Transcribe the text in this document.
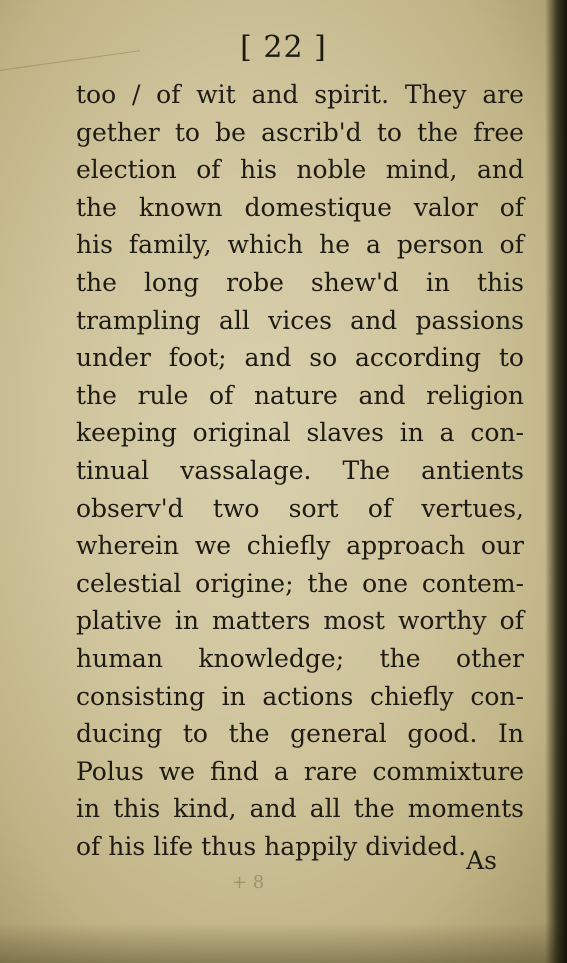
[ 22 ]
too / of wit and spirit. They are
gether to be ascrib'd to the free
election of his noble mind, and
the known domestique valor of
his family, which he a person of
the long robe shew'd in this
trampling all vices and passions
under foot; and so according to
the rule of nature and religion
keeping original slaves in a con-
tinual vassalage. The antients
observ'd two sort of vertues,
wherein we chiefly approach our
celestial origine; the one contem-
plative in matters most worthy of
human knowledge; the other
consisting in actions chiefly con-
ducing to the general good. In
Polus we find a rare commixture
in this kind, and all the moments
of his life thus happily divided. As
+ 8
